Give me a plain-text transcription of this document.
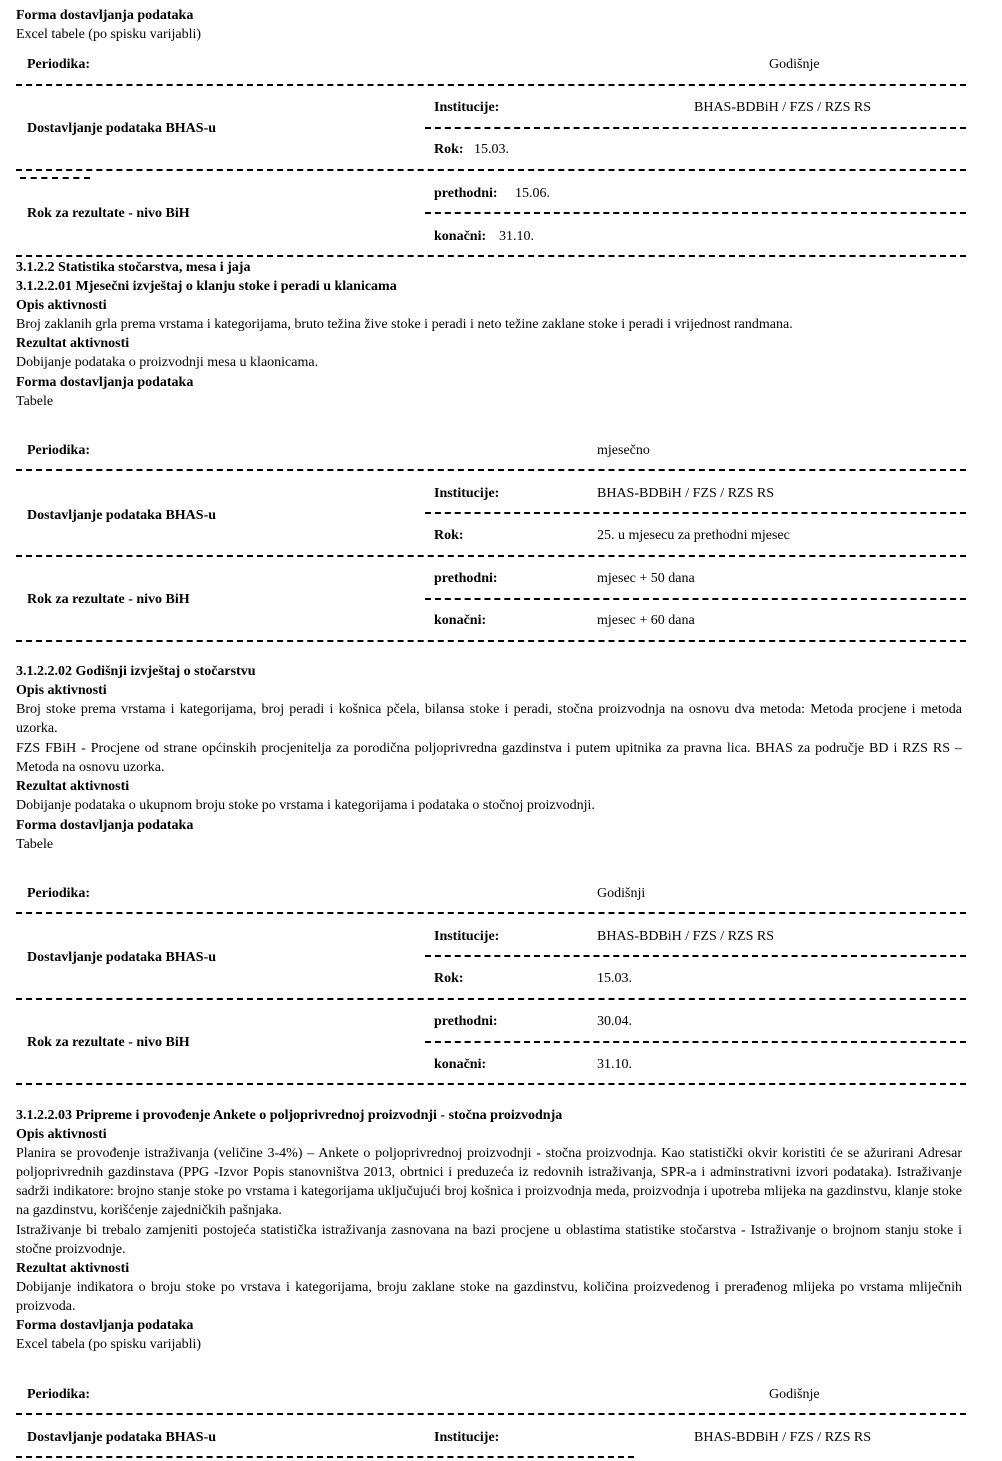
Forma dostavljanja podataka
Excel tabele (po spisku varijabli)
Periodika:	Godišnje
Institucije:	BHAS-BDBiH / FZS / RZS RS
Dostavljanje podataka BHAS-u
Rok: 15.03.
prethodni: 15.06.
Rok za rezultate - nivo BiH
konačni: 31.10.
3.1.2.2 Statistika stočarstva, mesa i jaja
3.1.2.2.01 Mjesečni izvještaj o klanju stoke i peradi u klanicama
Opis aktivnosti
Broj zaklanih grla prema vrstama i kategorijama, bruto težina žive stoke i peradi i neto težine zaklane stoke i peradi i vrijednost randmana.
Rezultat aktivnosti
Dobijanje podataka o proizvodnji mesa u klaonicama.
Forma dostavljanja podataka
Tabele
Periodika:	mjesečno
Institucije:	BHAS-BDBiH / FZS / RZS RS
Dostavljanje podataka BHAS-u
Rok:	25. u mjesecu za prethodni mjesec
prethodni:	mjesec + 50 dana
Rok za rezultate - nivo BiH
konačni:	mjesec + 60 dana
3.1.2.2.02 Godišnji izvještaj o stočarstvu
Opis aktivnosti
Broj stoke prema vrstama i kategorijama, broj peradi i košnica pčela, bilansa stoke i peradi, stočna proizvodnja na osnovu dva metoda: Metoda procjene i metoda uzorka.
FZS FBiH - Procjene od strane općinskih procjenitelja za porodična poljoprivredna gazdinstva i putem upitnika za pravna lica. BHAS za područje BD i RZS RS – Metoda na osnovu uzorka.
Rezultat aktivnosti
Dobijanje podataka o ukupnom broju stoke po vrstama i kategorijama i podataka o stočnoj proizvodnji.
Forma dostavljanja podataka
Tabele
Periodika:	Godišnji
Institucije:	BHAS-BDBiH / FZS / RZS RS
Dostavljanje podataka BHAS-u
Rok:	15.03.
prethodni:	30.04.
Rok za rezultate - nivo BiH
konačni:	31.10.
3.1.2.2.03 Pripreme i provođenje Ankete o poljoprivrednoj proizvodnji - stočna proizvodnja
Opis aktivnosti
Planira se provođenje istraživanja (veličine 3-4%) – Ankete o poljoprivrednoj proizvodnji - stočna proizvodnja. Kao statistički okvir koristiti će se ažurirani Adresar poljoprivrednih gazdinstava (PPG -Izvor Popis stanovništva 2013, obrtnici i preduzeća iz redovnih istraživanja, SPR-a i adminstrativni izvori podataka). Istraživanje sadrži indikatore: brojno stanje stoke po vrstama i kategorijama uključujući broj košnica i proizvodnja meda, proizvodnja i upotreba mlijeka na gazdinstvu, klanje stoke na gazdinstvu, korišćenje zajedničkih pašnjaka.
Istraživanje bi trebalo zamjeniti postojeća statistička istraživanja zasnovana na bazi procjene u oblastima statistike stočarstva - Istraživanje o brojnom stanju stoke i stočne proizvodnje.
Rezultat aktivnosti
Dobijanje indikatora o broju stoke po vrstava i kategorijama, broju zaklane stoke na gazdinstvu, količina proizvedenog i prerađenog mlijeka po vrstama mliječnih proizvoda.
Forma dostavljanja podataka
Excel tabela (po spisku varijabli)
Periodika:	Godišnje
Dostavljanje podataka BHAS-u	Institucije:	BHAS-BDBiH / FZS / RZS RS
